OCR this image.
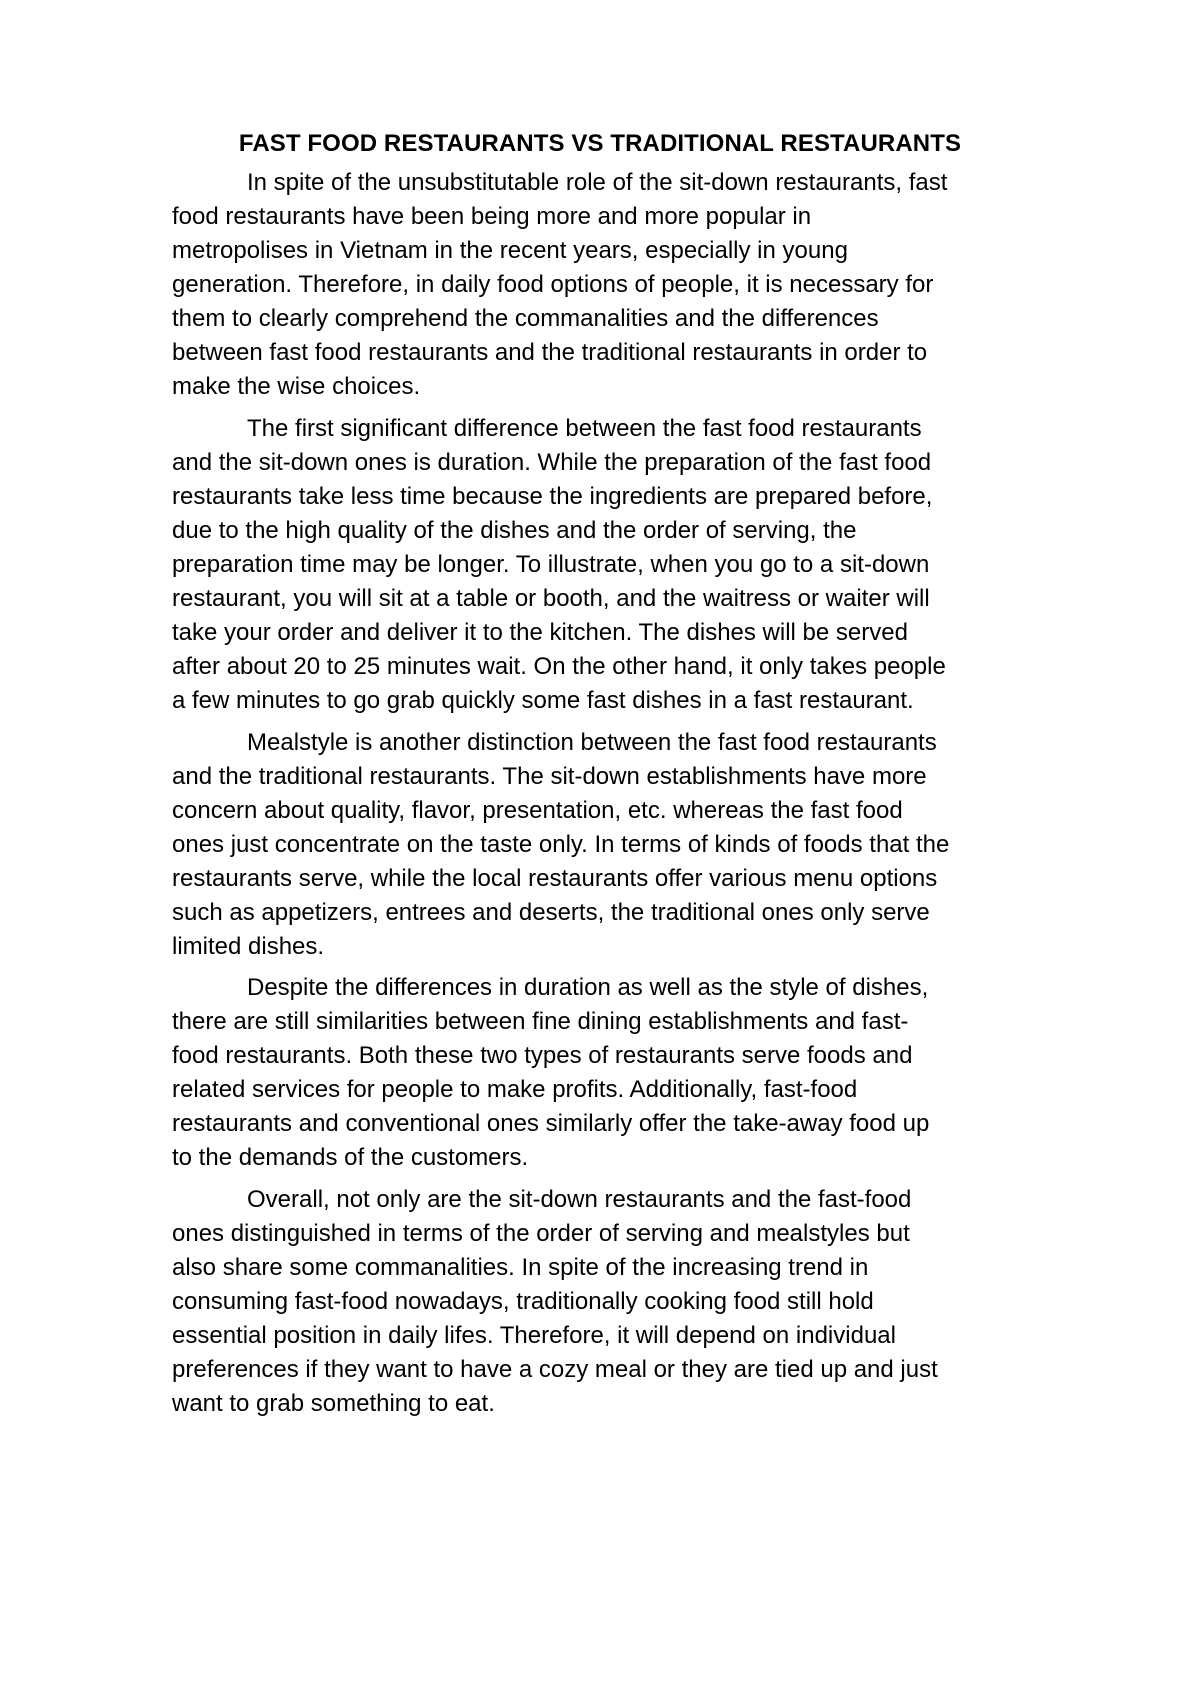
FAST FOOD RESTAURANTS VS TRADITIONAL RESTAURANTS
In spite of the unsubstitutable role of the sit-down restaurants, fast
food restaurants have been being more and more popular in
metropolises in Vietnam in the recent years, especially in young
generation. Therefore, in daily food options of people, it is necessary for
them to clearly comprehend the commanalities and the differences
between fast food restaurants and the traditional restaurants in order to
make the wise choices.
The first significant difference between the fast food restaurants
and the sit-down ones is duration. While the preparation of the fast food
restaurants take less time because the ingredients are prepared before,
due to the high quality of the dishes and the order of serving, the
preparation time may be longer. To illustrate, when you go to a sit-down
restaurant, you will sit at a table or booth, and the waitress or waiter will
take your order and deliver it to the kitchen. The dishes will be served
after about 20 to 25 minutes wait. On the other hand, it only takes people
a few minutes to go grab quickly some fast dishes in a fast restaurant.
Mealstyle is another distinction between the fast food restaurants
and the traditional restaurants. The sit-down establishments have more
concern about quality, flavor, presentation, etc. whereas the fast food
ones just concentrate on the taste only. In terms of kinds of foods that the
restaurants serve, while the local restaurants offer various menu options
such as appetizers, entrees and deserts, the traditional ones only serve
limited dishes.
Despite the differences in duration as well as the style of dishes,
there are still similarities between fine dining establishments and fast-
food restaurants. Both these two types of restaurants serve foods and
related services for people to make profits. Additionally, fast-food
restaurants and conventional ones similarly offer the take-away food up
to the demands of the customers.
Overall, not only are the sit-down restaurants and the fast-food
ones distinguished in terms of the order of serving and mealstyles but
also share some commanalities. In spite of the increasing trend in
consuming fast-food nowadays, traditionally cooking food still hold
essential position in daily lifes. Therefore, it will depend on individual
preferences if they want to have a cozy meal or they are tied up and just
want to grab something to eat.
